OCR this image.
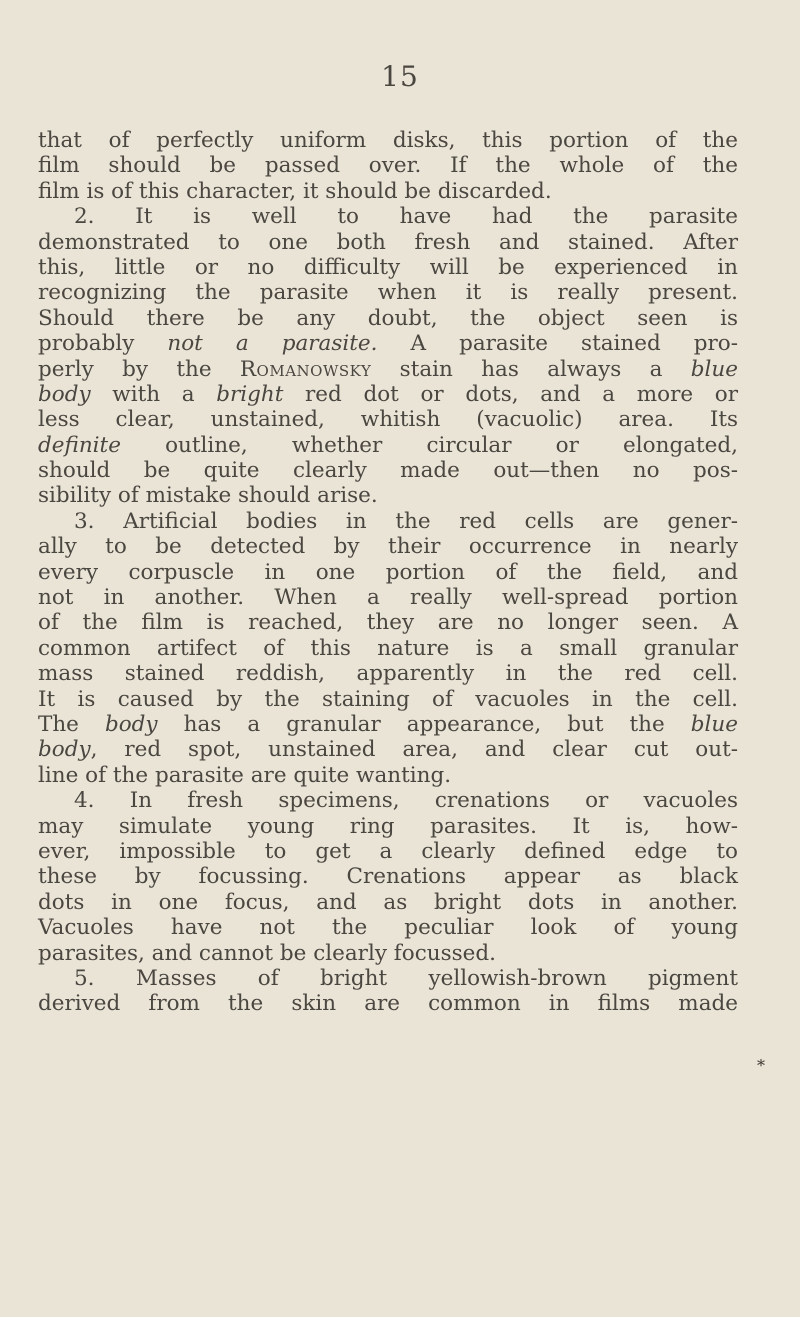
15
that of perfectly uniform disks, this portion of the
film should be passed over. If the whole of the
film is of this character, it should be discarded.
2. It is well to have had the parasite
demonstrated to one both fresh and stained. After
this, little or no difficulty will be experienced in
recognizing the parasite when it is really present.
Should there be any doubt, the object seen is
probably not a parasite. A parasite stained pro-
perly by the Romanowsky stain has always a blue
body with a bright red dot or dots, and a more or
less clear, unstained, whitish (vacuolic) area. Its
definite outline, whether circular or elongated,
should be quite clearly made out—then no pos-
sibility of mistake should arise.
3. Artificial bodies in the red cells are gener-
ally to be detected by their occurrence in nearly
every corpuscle in one portion of the field, and
not in another. When a really well-spread portion
of the film is reached, they are no longer seen. A
common artifect of this nature is a small granular
mass stained reddish, apparently in the red cell.
It is caused by the staining of vacuoles in the cell.
The body has a granular appearance, but the blue
body, red spot, unstained area, and clear cut out-
line of the parasite are quite wanting.
4. In fresh specimens, crenations or vacuoles
may simulate young ring parasites. It is, how-
ever, impossible to get a clearly defined edge to
these by focussing. Crenations appear as black
dots in one focus, and as bright dots in another.
Vacuoles have not the peculiar look of young
parasites, and cannot be clearly focussed.
5. Masses of bright yellowish-brown pigment
derived from the skin are common in films made
*
